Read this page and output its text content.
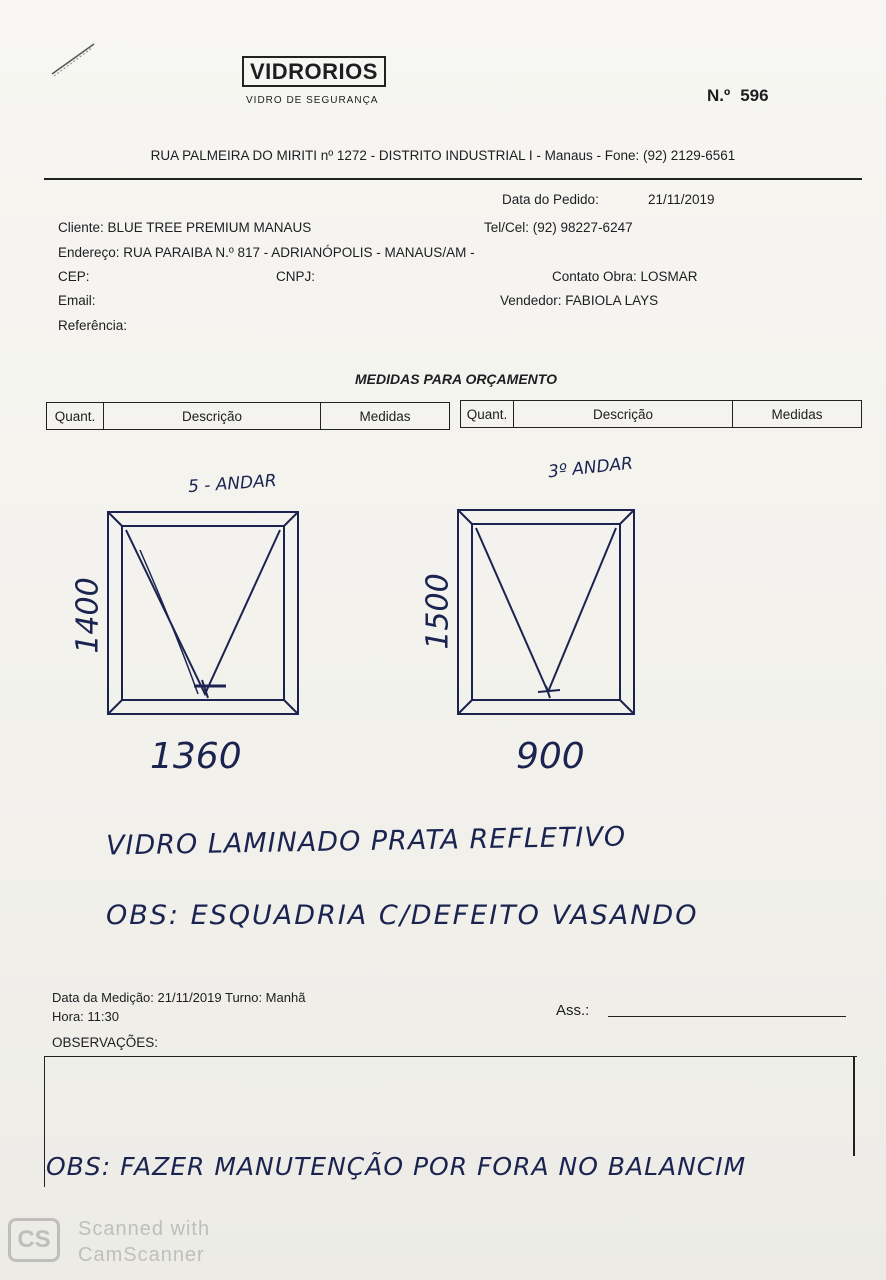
VIDRORIOS
VIDRO DE SEGURANÇA	N.º 596
RUA PALMEIRA DO MIRITI nº 1272 - DISTRITO INDUSTRIAL I - Manaus - Fone: (92) 2129-6561
Data do Pedido:	21/11/2019
Cliente: BLUE TREE PREMIUM MANAUS	Tel/Cel: (92) 98227-6247
Endereço: RUA PARAIBA N.º 817 - ADRIANÓPOLIS - MANAUS/AM -
CEP:	CNPJ:	Contato Obra: LOSMAR
Email:	Vendedor: FABIOLA LAYS
Referência:
MEDIDAS PARA ORÇAMENTO
Quant.	Descrição	Medidas	Quant.	Descrição	Medidas
5 - ANDAR
3º ANDAR
1400	1500
1360	900
VIDRO LAMINADO PRATA REFLETIVO
OBS: ESQUADRIA C/DEFEITO VASANDO
Data da Medição: 21/11/2019 Turno: Manhã
Hora: 11:30	Ass.:
OBSERVAÇÕES:
OBS: FAZER MANUTENÇÃO POR FORA NO BALANCIM
CS	Scanned with
CamScanner
